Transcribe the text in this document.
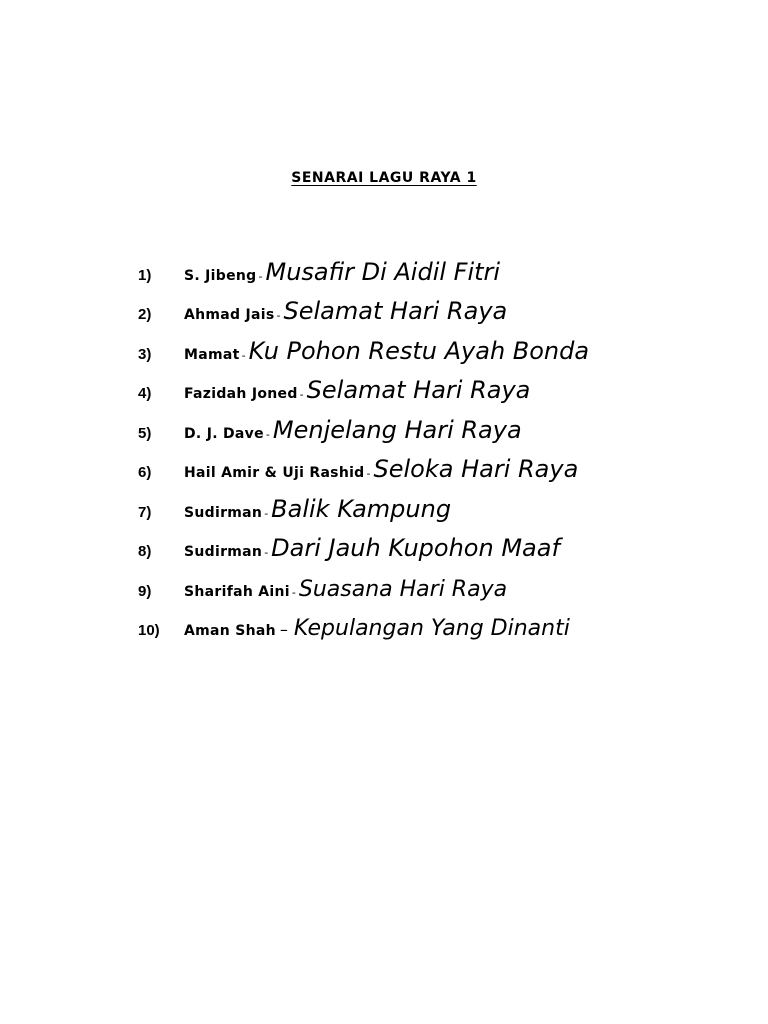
SENARAI LAGU RAYA 1
1) S. Jibeng - Musafir Di Aidil Fitri
2) Ahmad Jais - Selamat Hari Raya
3) Mamat - Ku Pohon Restu Ayah Bonda
4) Fazidah Joned - Selamat Hari Raya
5) D. J. Dave - Menjelang Hari Raya
6) Hail Amir & Uji Rashid - Seloka Hari Raya
7) Sudirman - Balik Kampung
8) Sudirman - Dari Jauh Kupohon Maaf
9) Sharifah Aini - Suasana Hari Raya
10) Aman Shah – Kepulangan Yang Dinanti
